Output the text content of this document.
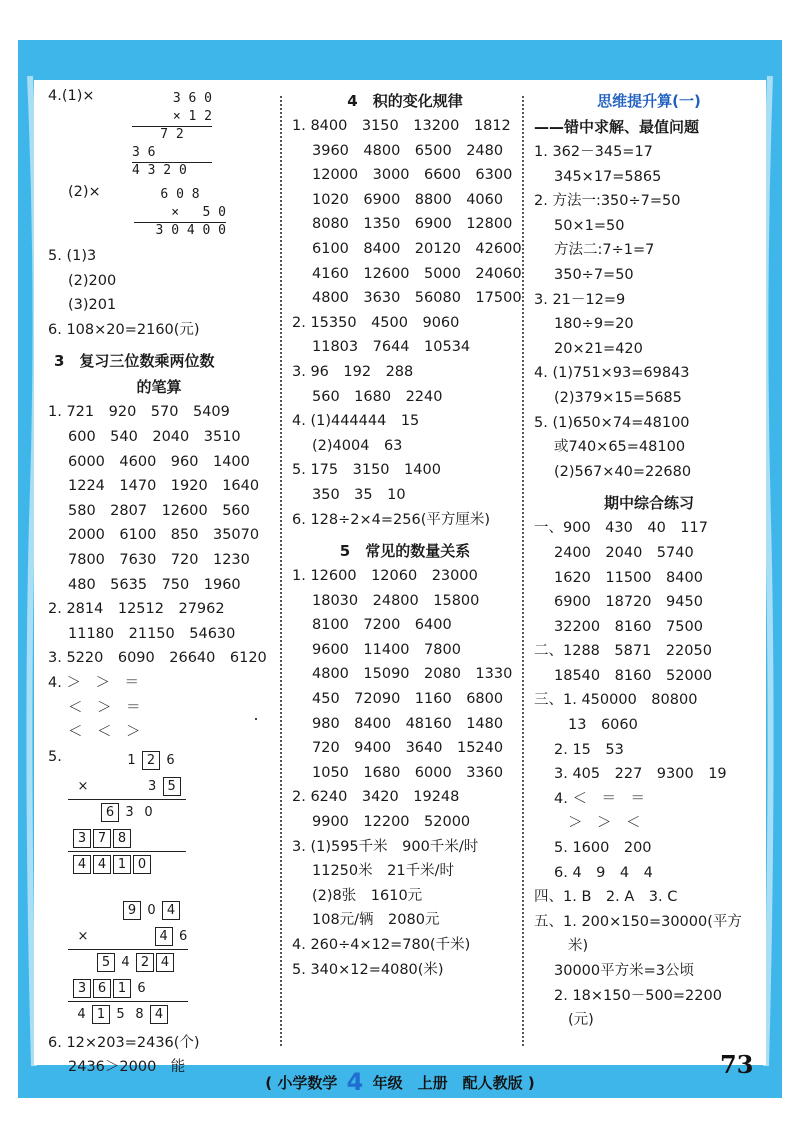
4.(1)×	3 6 0
× 1 2
7 2
3 6
4 3 2 0
(2)×	6 0 8
×   5 0
3 0 4 0 0
5. (1)3
(2)200
(3)201
6. 108×20=2160(元)
3　复习三位数乘两位数
的笔算
1. 721　920　570　5409
600　540　2040　3510
6000　4600　960　1400
1224　1470　1920　1640
580　2807　12600　560
2000　6100　850　35070
7800　7630　720　1230
480　5635　750　1960
2. 2814　12512　27962
11180　21150　54630
3. 5220　6090　26640　6120
4. ＞　＞　＝
＜　＞　＝
＜　＜　＞
5.	1 2 6
×	3 5
6 3 0
3 7 8
4 4 1 0
9 0 4
×	4 6
5 4 2 4
3 6 1 6
4 1 5 8 4
6. 12×203=2436(个)
2436＞2000　能
4　积的变化规律
1. 8400　3150　13200　1812
3960　4800　6500　2480
12000　3000　6600　6300
1020　6900　8800　4060
8080　1350　6900　12800
6100　8400　20120　42600
4160　12600　5000　24060
4800　3630　56080　17500
2. 15350　4500　9060
11803　7644　10534
3. 96　192　288
560　1680　2240
4. (1)444444　15
(2)4004　63
5. 175　3150　1400
350　35　10
6. 128÷2×4=256(平方厘米)
5　常见的数量关系
1. 12600　12060　23000
18030　24800　15800
8100　7200　6400
9600　11400　7800
4800　15090　2080　1330
450　72090　1160　6800
980　8400　48160　1480
720　9400　3640　15240
1050　1680　6000　3360
2. 6240　3420　19248
9900　12200　52000
3. (1)595千米　900千米/时
11250米　21千米/时
(2)8张　1610元
108元/辆　2080元
4. 260÷4×12=780(千米)
5. 340×12=4080(米)
思维提升算(一)
——错中求解、最值问题
1. 362－345=17
345×17=5865
2. 方法一:350÷7=50
50×1=50
方法二:7÷1=7
350÷7=50
3. 21－12=9
180÷9=20
20×21=420
4. (1)751×93=69843
(2)379×15=5685
5. (1)650×74=48100
或740×65=48100
(2)567×40=22680
期中综合练习
一、900　430　40　117
2400　2040　5740
1620　11500　8400
6900　18720　9450
32200　8160　7500
二、1288　5871　22050
18540　8160　52000
三、1. 450000　80800
13　6060
2. 15　53
3. 405　227　9300　19
4. ＜　＝　＝
＞　＞　＜
5. 1600　200
6. 4　9　4　4
四、1. B　2. A　3. C
五、1. 200×150=30000(平方
米)
30000平方米=3公顷
2. 18×150－500=2200
(元)
( 小学数学 4 年级　上册　配人教版 )
73
